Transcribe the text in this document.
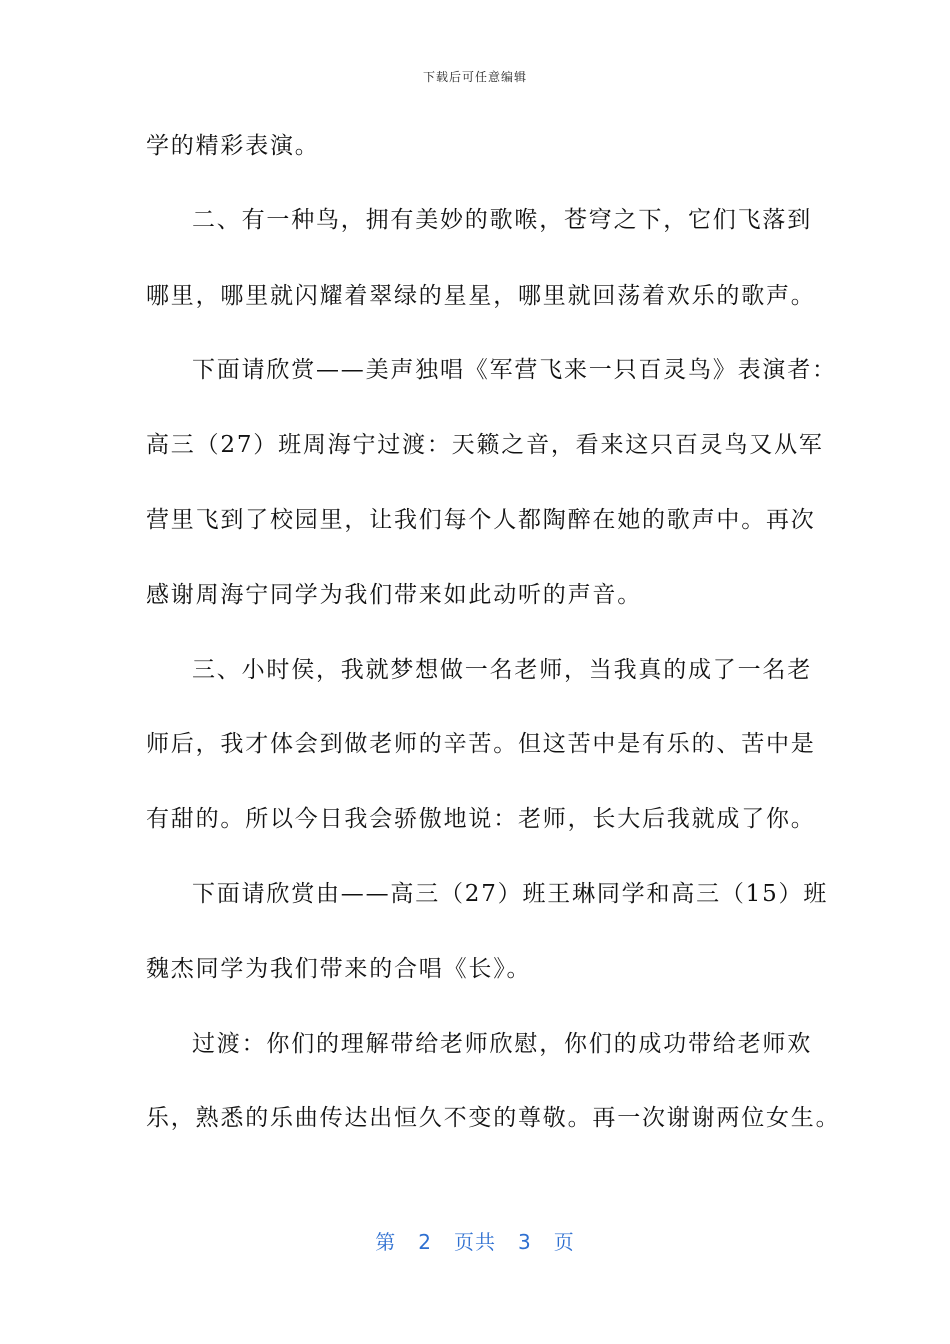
下载后可任意编辑
学的精彩表演。
二、有一种鸟，拥有美妙的歌喉，苍穹之下，它们飞落到
哪里，哪里就闪耀着翠绿的星星，哪里就回荡着欢乐的歌声。
下面请欣赏——美声独唱《军营飞来一只百灵鸟》表演者：
高三（27）班周海宁过渡：天籁之音，看来这只百灵鸟又从军
营里飞到了校园里，让我们每个人都陶醉在她的歌声中。再次
感谢周海宁同学为我们带来如此动听的声音。
三、小时侯，我就梦想做一名老师，当我真的成了一名老
师后，我才体会到做老师的辛苦。但这苦中是有乐的、苦中是
有甜的。所以今日我会骄傲地说：老师，长大后我就成了你。
下面请欣赏由——高三（27）班王琳同学和高三（15）班
魏杰同学为我们带来的合唱《长》。
过渡：你们的理解带给老师欣慰，你们的成功带给老师欢
乐，熟悉的乐曲传达出恒久不变的尊敬。再一次谢谢两位女生。
第 2 页共 3 页
